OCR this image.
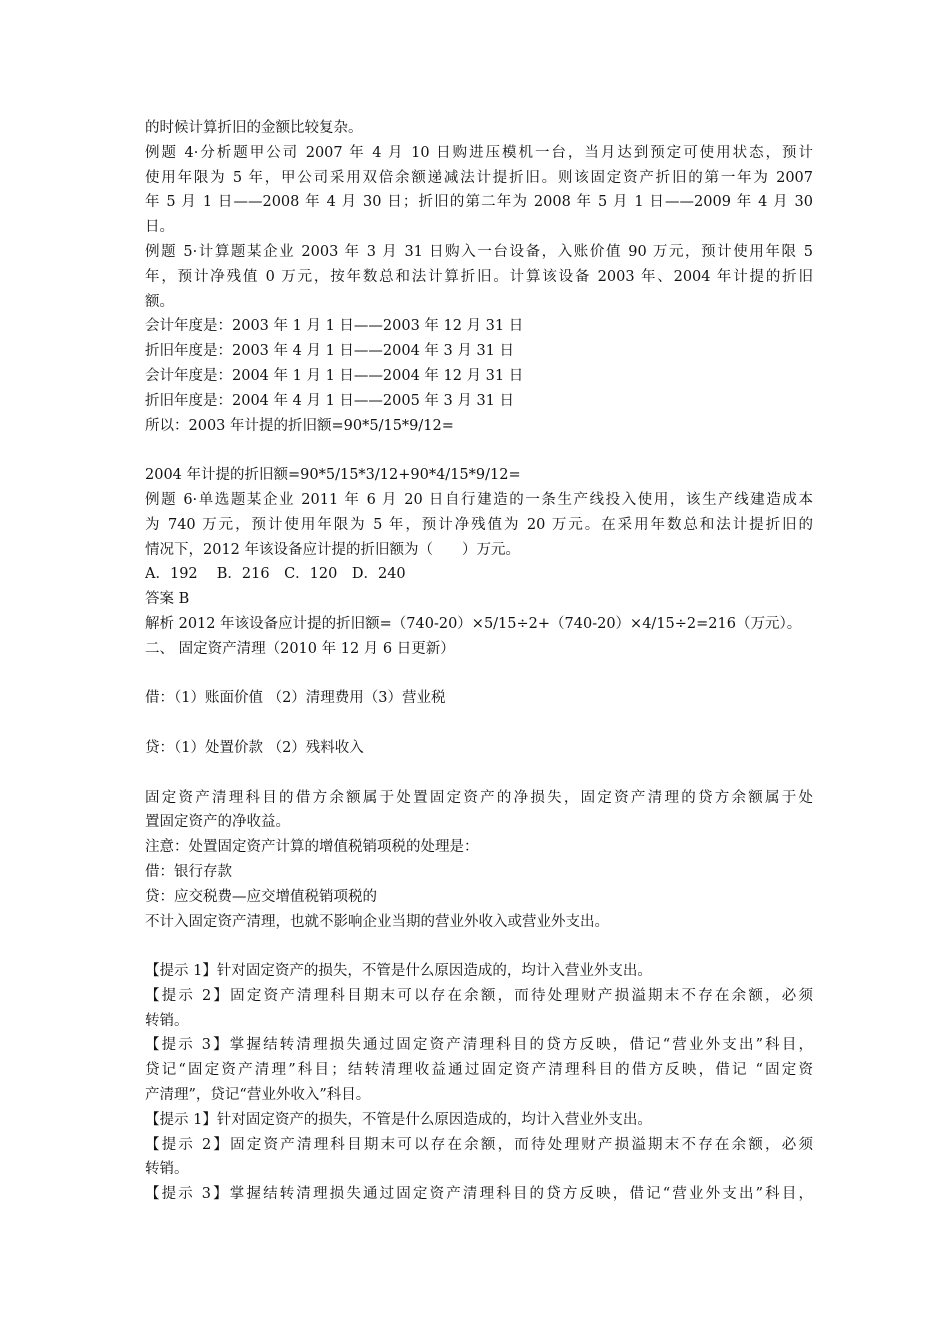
的时候计算折旧的金额比较复杂。
例题 4·分析题甲公司 2007 年 4 月 10 日购进压模机一台，当月达到预定可使用状态，预计
使用年限为 5 年，甲公司采用双倍余额递减法计提折旧。则该固定资产折旧的第一年为 2007
年 5 月 1 日——2008 年 4 月 30 日；折旧的第二年为 2008 年 5 月 1 日——2009 年 4 月 30
日。
例题 5·计算题某企业 2003 年 3 月 31 日购入一台设备，入账价值 90 万元，预计使用年限 5
年，预计净残值 0 万元，按年数总和法计算折旧。计算该设备 2003 年、2004 年计提的折旧
额。
会计年度是：2003 年 1 月 1 日——2003 年 12 月 31 日
折旧年度是：2003 年 4 月 1 日——2004 年 3 月 31 日
会计年度是：2004 年 1 月 1 日——2004 年 12 月 31 日
折旧年度是：2004 年 4 月 1 日——2005 年 3 月 31 日
所以：2003 年计提的折旧额=90*5/15*9/12=
2004 年计提的折旧额=90*5/15*3/12+90*4/15*9/12=
例题 6·单选题某企业 2011 年 6 月 20 日自行建造的一条生产线投入使用，该生产线建造成本
为 740 万元，预计使用年限为 5 年，预计净残值为 20 万元。在采用年数总和法计提折旧的
情况下，2012 年该设备应计提的折旧额为（　　）万元。
A．192　 B．216　C．120　D．240
答案 B
解析 2012 年该设备应计提的折旧额=（740-20）×5/15÷2+（740-20）×4/15÷2=216（万元）。
二、 固定资产清理（2010 年 12 月 6 日更新）
借：（1）账面价值 （2）清理费用（3）营业税
贷：（1）处置价款 （2）残料收入
固定资产清理科目的借方余额属于处置固定资产的净损失，固定资产清理的贷方余额属于处
置固定资产的净收益。
注意：处置固定资产计算的增值税销项税的处理是：
借：银行存款
贷：应交税费—应交增值税销项税的
不计入固定资产清理，也就不影响企业当期的营业外收入或营业外支出。
【提示 1】针对固定资产的损失，不管是什么原因造成的，均计入营业外支出。
【提示 2】固定资产清理科目期末可以存在余额，而待处理财产损溢期末不存在余额，必须
转销。
【提示 3】掌握结转清理损失通过固定资产清理科目的贷方反映，借记“营业外支出”科目，
贷记“固定资产清理”科目；结转清理收益通过固定资产清理科目的借方反映，借记 “固定资
产清理”，贷记“营业外收入”科目。
【提示 1】针对固定资产的损失，不管是什么原因造成的，均计入营业外支出。
【提示 2】固定资产清理科目期末可以存在余额，而待处理财产损溢期末不存在余额，必须
转销。
【提示 3】掌握结转清理损失通过固定资产清理科目的贷方反映，借记“营业外支出”科目，
